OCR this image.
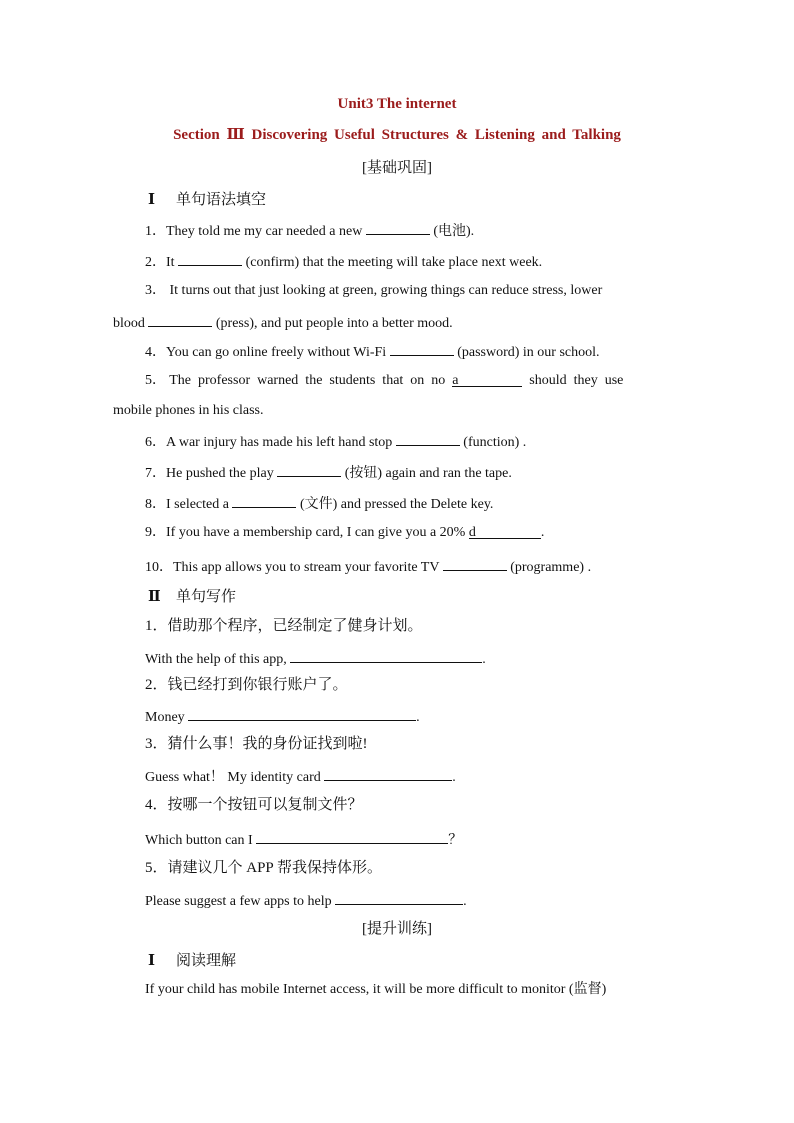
Unit3 The internet
Section Ⅲ Discovering Useful Structures & Listening and Talking
[基础巩固]
Ⅰ 单句语法填空
1．They told me my car needed a new	(电池).
2．It	(confirm) that the meeting will take place next week.
3． It turns out that just looking at green, growing things can reduce stress, lower
blood	(press), and put people into a better mood.
4．You can go online freely without Wi-Fi	(password) in our school.
5． The  professor  warned  the  students  that  on  no  a	should  they  use
mobile phones in his class.
6．A war injury has made his left hand stop	(function) .
7．He pushed the play	(按钮) again and ran the tape.
8．I selected a	(文件) and pressed the Delete key.
9．If you have a membership card, I can give you a 20% d	.
10．This app allows you to stream your favorite TV	(programme) .
Ⅱ 单句写作
1．借助那个程序，已经制定了健身计划。
With the help of this app,	.
2．钱已经打到你银行账户了。
Money	.
3．猜什么事！我的身份证找到啦!
Guess what！ My identity card	.
4．按哪一个按钮可以复制文件？
Which button can I	？
5．请建议几个 APP 帮我保持体形。
Please suggest a few apps to help	.
[提升训练]
Ⅰ 阅读理解
If your child has mobile Internet access, it will be more difficult to monitor (监督)
